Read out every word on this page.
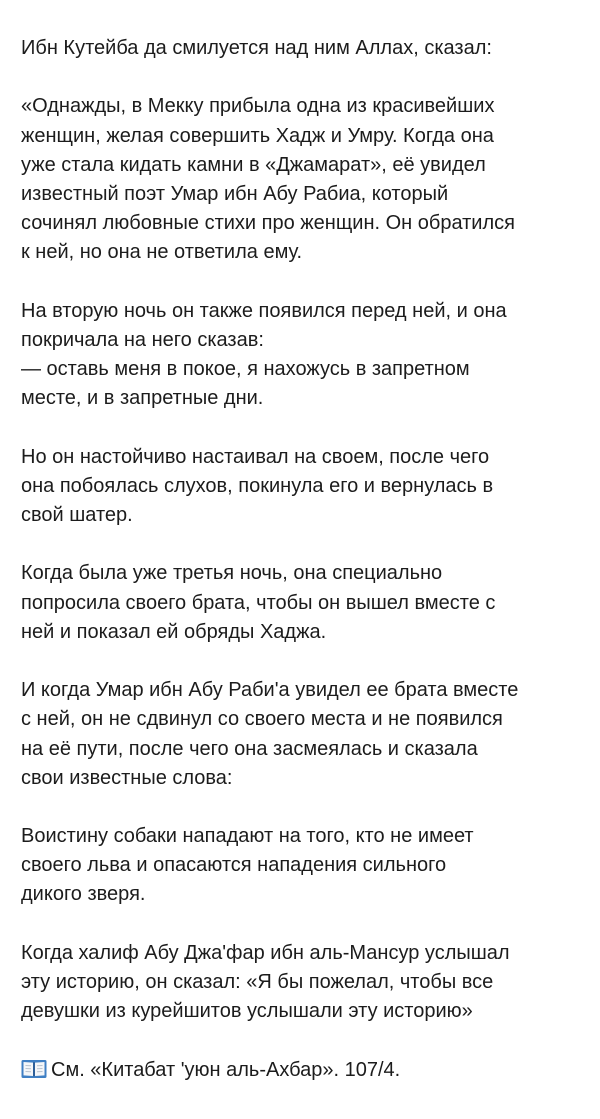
Ибн Кутейба да смилуется над ним Аллах, сказал:

«Однажды, в Мекку прибыла одна из красивейших
женщин, желая совершить Хадж и Умру. Когда она
уже стала кидать камни в «Джамарат», её увидел
известный поэт Умар ибн Абу Рабиа, который
сочинял любовные стихи про женщин. Он обратился
к ней, но она не ответила ему.

На вторую ночь он также появился перед ней, и она
покричала на него сказав:
— оставь меня в покое, я нахожусь в запретном
месте, и в запретные дни.

Но он настойчиво настаивал на своем, после чего
она побоялась слухов, покинула его и вернулась в
свой шатер.

Когда была уже третья ночь, она специально
попросила своего брата, чтобы он вышел вместе с
ней и показал ей обряды Хаджа.

И когда Умар ибн Абу Раби'а увидел ее брата вместе
с ней, он не сдвинул со своего места и не появился
на её пути, после чего она засмеялась и сказала
свои известные слова:

Воистину собаки нападают на того, кто не имеет
своего льва и опасаются нападения сильного
дикого зверя.

Когда халиф Абу Джа'фар ибн аль-Мансур услышал
эту историю, он сказал: «Я бы пожелал, чтобы все
девушки из курейшитов услышали эту историю»

См. «Китабат 'уюн аль-Ахбар». 107/4.
